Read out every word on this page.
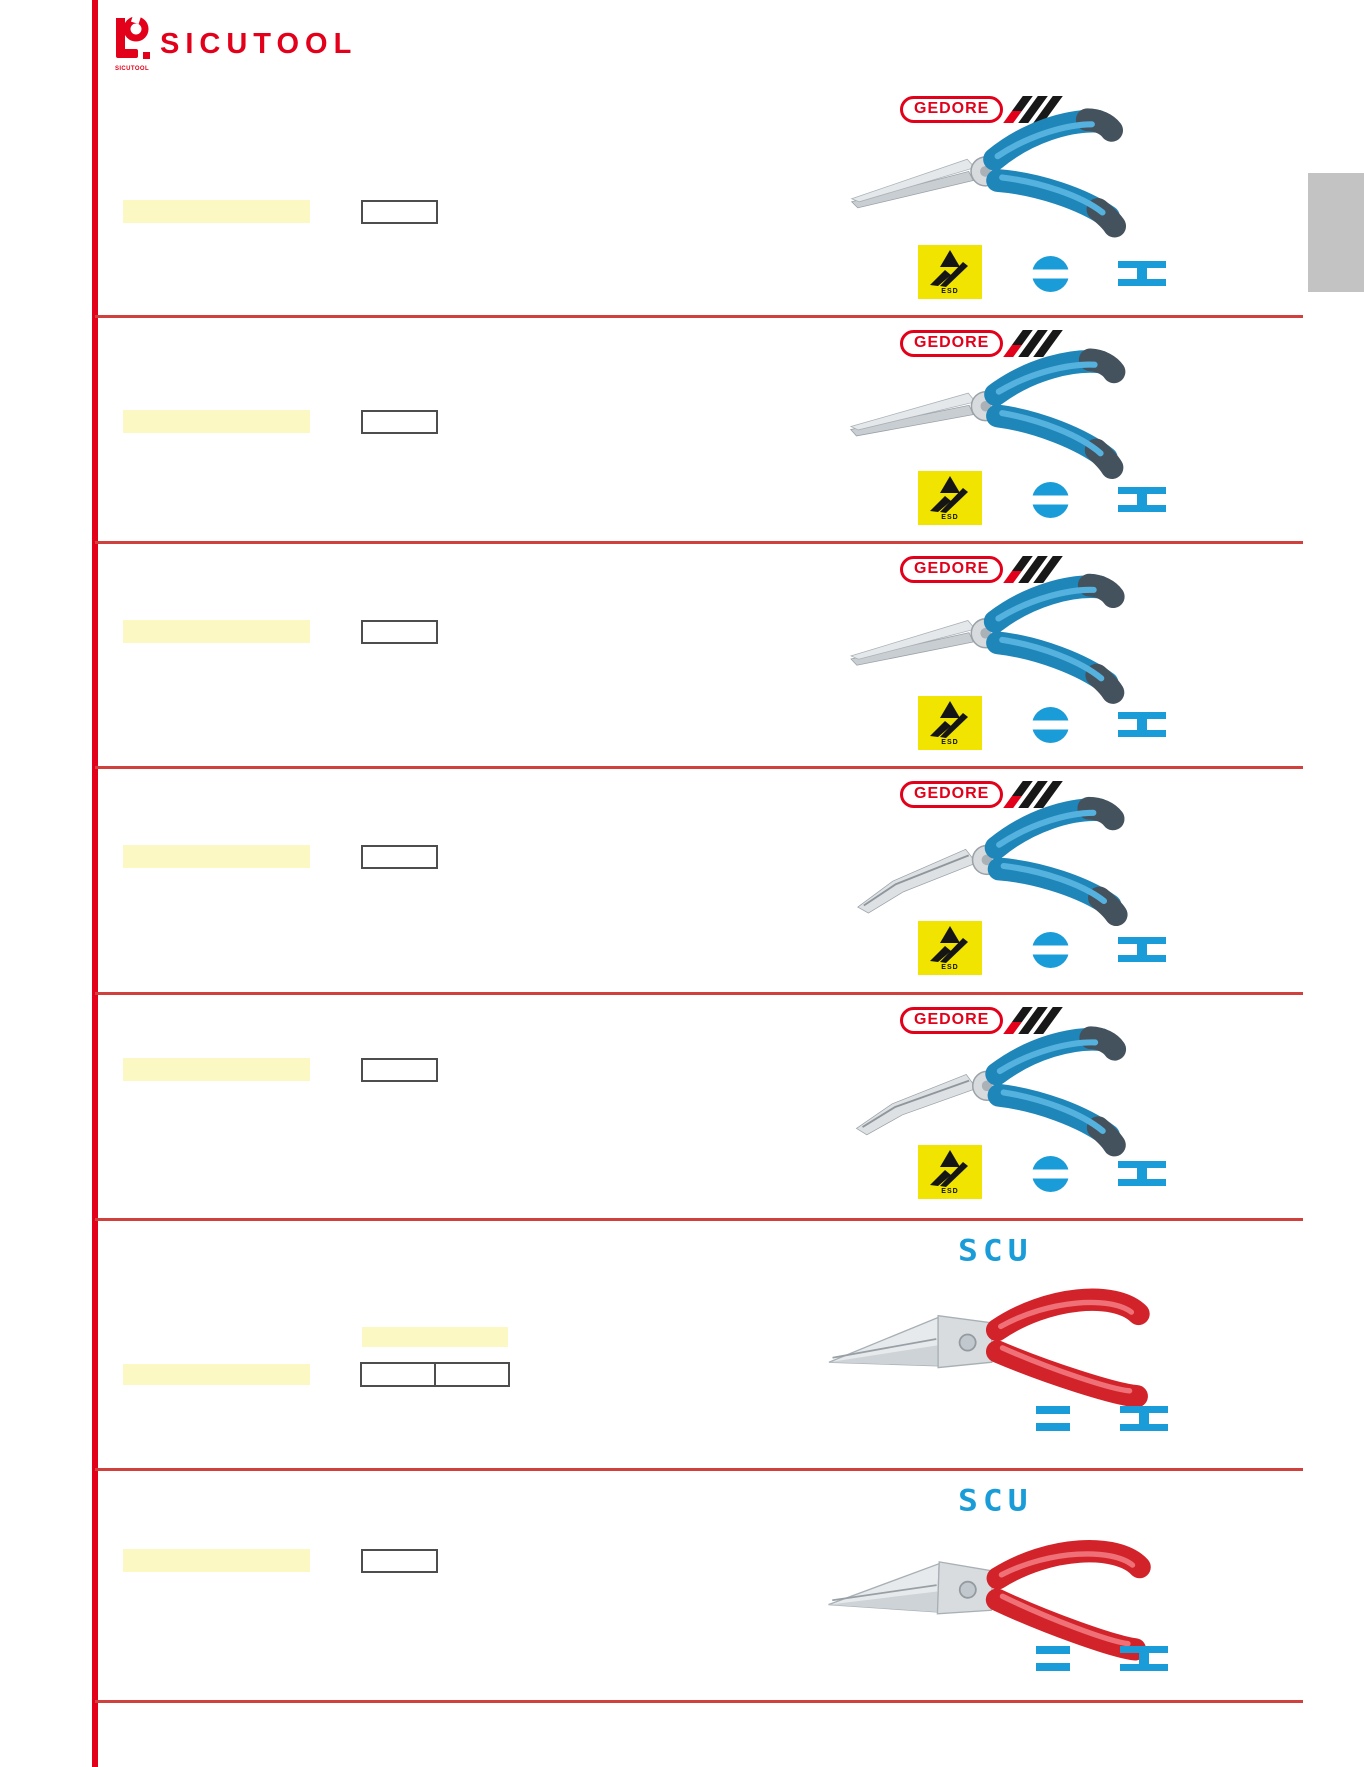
SICUTOOL
SICUTOOL
GEDORE
ESD
GEDORE
ESD
GEDORE
ESD
GEDORE
ESD
GEDORE
ESD
SCU
SCU
